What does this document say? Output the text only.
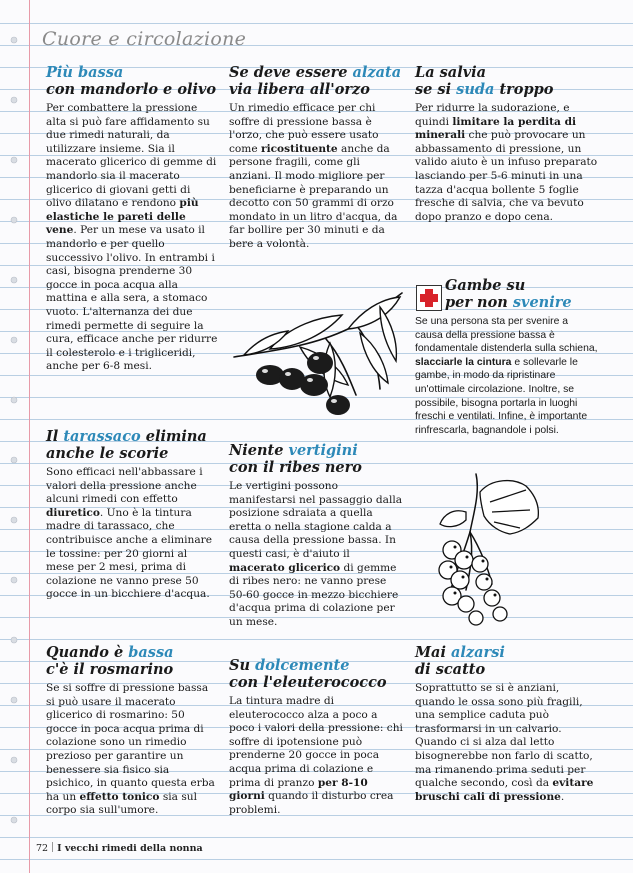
Cuore e circolazione
Più bassa
con mandorlo e olivo

Per combattere la pressione alta si può fare affidamento su due rimedi naturali, da utilizzare insieme. Sia il macerato glicerico di gemme di mandorlo sia il macerato glicerico di giovani getti di olivo dilatano e rendono più elastiche le pareti delle vene. Per un mese va usato il mandorlo e per quello successivo l'olivo. In entrambi i casi, bisogna prenderne 30 gocce in poca acqua alla mattina e alla sera, a stomaco vuoto. L'alternanza dei due rimedi permette di seguire la cura, efficace anche per ridurre il colesterolo e i trigliceridi, anche per 6-8 mesi.

Il tarassaco elimina
anche le scorie

Sono efficaci nell'abbassare i valori della pressione anche alcuni rimedi con effetto diuretico. Uno è la tintura madre di tarassaco, che contribuisce anche a eliminare le tossine: per 20 giorni al mese per 2 mesi, prima di colazione ne vanno prese 50 gocce in un bicchiere d'acqua.

Quando è bassa
c'è il rosmarino

Se si soffre di pressione bassa si può usare il macerato glicerico di rosmarino: 50 gocce in poca acqua prima di colazione sono un rimedio prezioso per garantire un benessere sia fisico sia psichico, in quanto questa erba ha un effetto tonico sia sul corpo sia sull'umore.

Se deve essere alzata
via libera all'orzo

Un rimedio efficace per chi soffre di pressione bassa è l'orzo, che può essere usato come ricostituente anche da persone fragili, come gli anziani. Il modo migliore per beneficiarne è preparando un decotto con 50 grammi di orzo mondato in un litro d'acqua, da far bollire per 30 minuti e da bere a volontà.

Niente vertigini
con il ribes nero

Le vertigini possono manifestarsi nel passaggio dalla posizione sdraiata a quella eretta o nella stagione calda a causa della pressione bassa. In questi casi, è d'aiuto il macerato glicerico di gemme di ribes nero: ne vanno prese 50-60 gocce in mezzo bicchiere d'acqua prima di colazione per un mese.

Su dolcemente
con l'eleuterococco

La tintura madre di eleuterococco alza a poco a poco i valori della pressione: chi soffre di ipotensione può prenderne 20 gocce in poca acqua prima di colazione e prima di pranzo per 8-10 giorni quando il disturbo crea problemi.

La salvia
se si suda troppo

Per ridurre la sudorazione, e quindi limitare la perdita di minerali che può provocare un abbassamento di pressione, un valido aiuto è un infuso preparato lasciando per 5-6 minuti in una tazza d'acqua bollente 5 foglie fresche di salvia, che va bevuto dopo pranzo e dopo cena.

Gambe su
per non svenire

Se una persona sta per svenire a causa della pressione bassa è fondamentale distenderla sulla schiena, slacciarle la cintura e sollevarle le gambe, in modo da ripristinare un'ottimale circolazione. Inoltre, se possibile, bisogna portarla in luoghi freschi e ventilati. Infine, è importante rinfrescarla, bagnandole i polsi.

Mai alzarsi
di scatto

Soprattutto se si è anziani, quando le ossa sono più fragili, una semplice caduta può trasformarsi in un calvario. Quando ci si alza dal letto bisognerebbe non farlo di scatto, ma rimanendo prima seduti per qualche secondo, così da evitare bruschi cali di pressione.

72 I vecchi rimedi della nonna
